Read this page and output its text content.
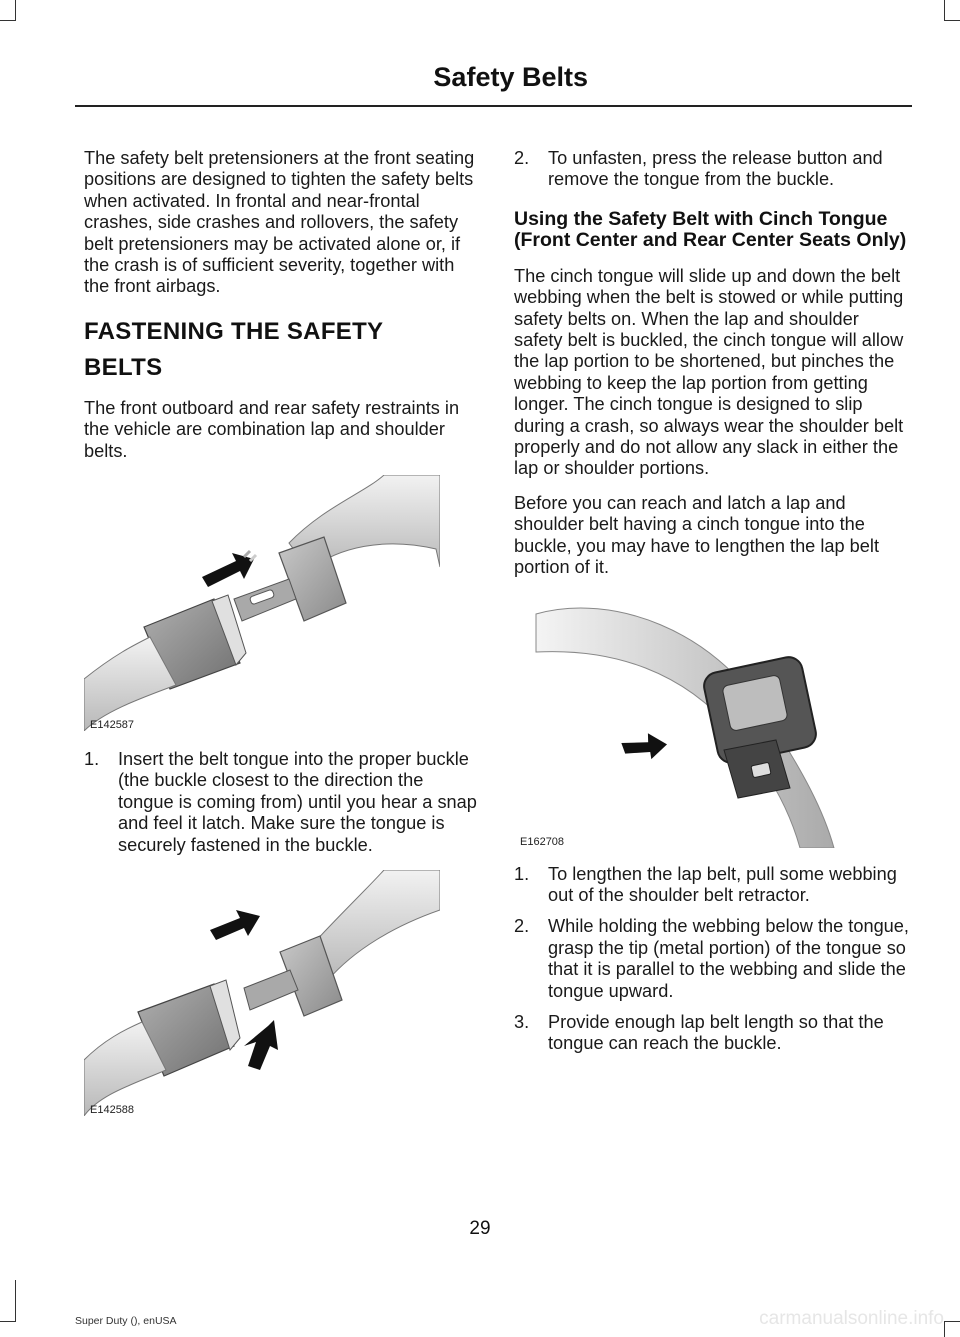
Safety Belts

The safety belt pretensioners at the front seating positions are designed to tighten the safety belts when activated. In frontal and near-frontal crashes, side crashes and rollovers, the safety belt pretensioners may be activated alone or, if the crash is of sufficient severity, together with the front airbags.

FASTENING THE SAFETY
BELTS

The front outboard and rear safety restraints in the vehicle are combination lap and shoulder belts.

E142587
1. Insert the belt tongue into the proper buckle (the buckle closest to the direction the tongue is coming from) until you hear a snap and feel it latch. Make sure the tongue is securely fastened in the buckle.
E142588
2. To unfasten, press the release button and remove the tongue from the buckle.
Using the Safety Belt with Cinch Tongue (Front Center and Rear Center Seats Only)

The cinch tongue will slide up and down the belt webbing when the belt is stowed or while putting safety belts on. When the lap and shoulder safety belt is buckled, the cinch tongue will allow the lap portion to be shortened, but pinches the webbing to keep the lap portion from getting longer. The cinch tongue is designed to slip during a crash, so always wear the shoulder belt properly and do not allow any slack in either the lap or shoulder portions.

Before you can reach and latch a lap and shoulder belt having a cinch tongue into the buckle, you may have to lengthen the lap belt portion of it.

E162708
1. To lengthen the lap belt, pull some webbing out of the shoulder belt retractor.
2. While holding the webbing below the tongue, grasp the tip (metal portion) of the tongue so that it is parallel to the webbing and slide the tongue upward.
3. Provide enough lap belt length so that the tongue can reach the buckle.
29
Super Duty (), enUSA	carmanualsonline.info
